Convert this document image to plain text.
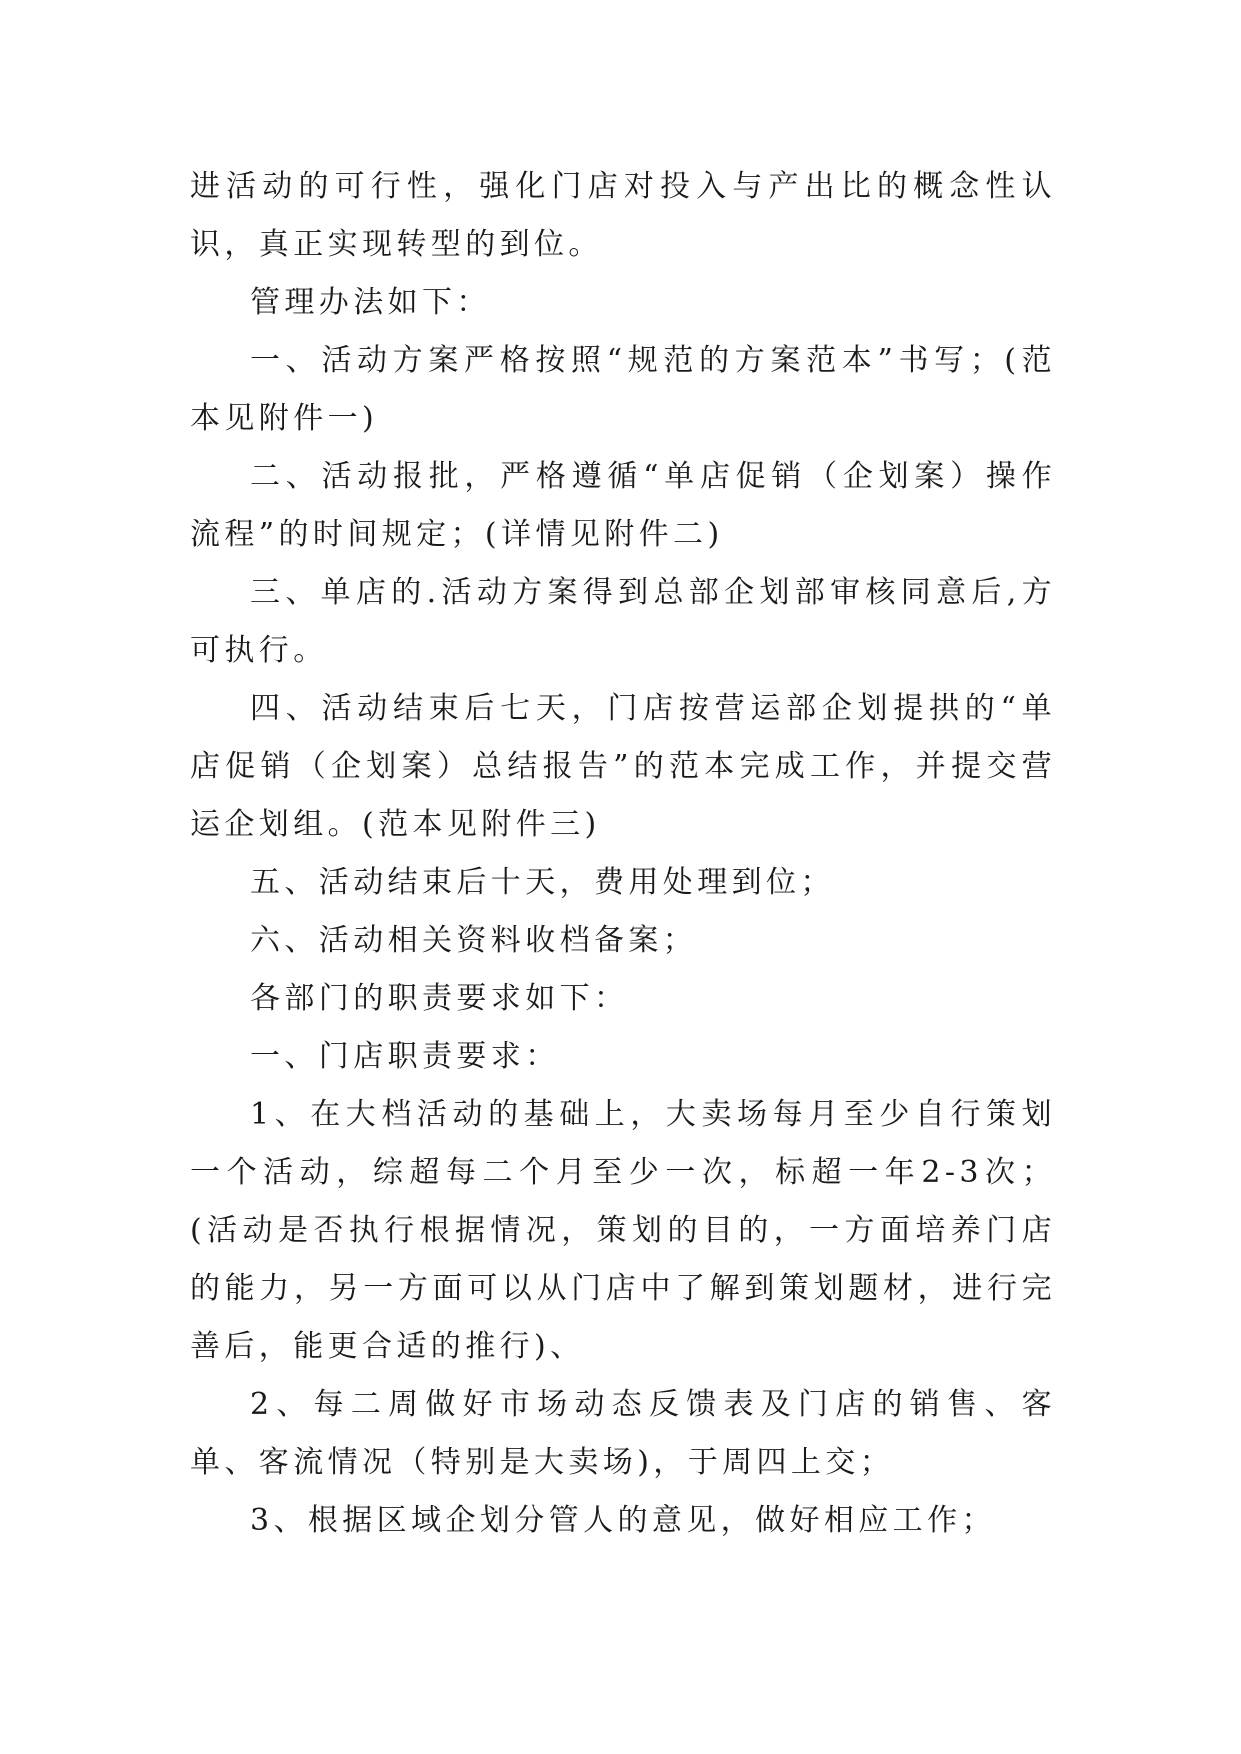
进活动的可行性，强化门店对投入与产出比的概念性认识，真正实现转型的到位。

管理办法如下：

一、活动方案严格按照“规范的方案范本”书写；(范本见附件一)

二、活动报批，严格遵循“单店促销（企划案）操作流程”的时间规定；(详情见附件二)

三、单店的.活动方案得到总部企划部审核同意后,方可执行。

四、活动结束后七天，门店按营运部企划提拱的“单店促销（企划案）总结报告”的范本完成工作，并提交营运企划组。(范本见附件三)

五、活动结束后十天，费用处理到位；

六、活动相关资料收档备案；

各部门的职责要求如下：

一、门店职责要求：

1、在大档活动的基础上，大卖场每月至少自行策划一个活动，综超每二个月至少一次，标超一年2-3次；(活动是否执行根据情况，策划的目的，一方面培养门店的能力，另一方面可以从门店中了解到策划题材，进行完善后，能更合适的推行)、

2、每二周做好市场动态反馈表及门店的销售、客单、客流情况（特别是大卖场)，于周四上交；

3、根据区域企划分管人的意见，做好相应工作；
